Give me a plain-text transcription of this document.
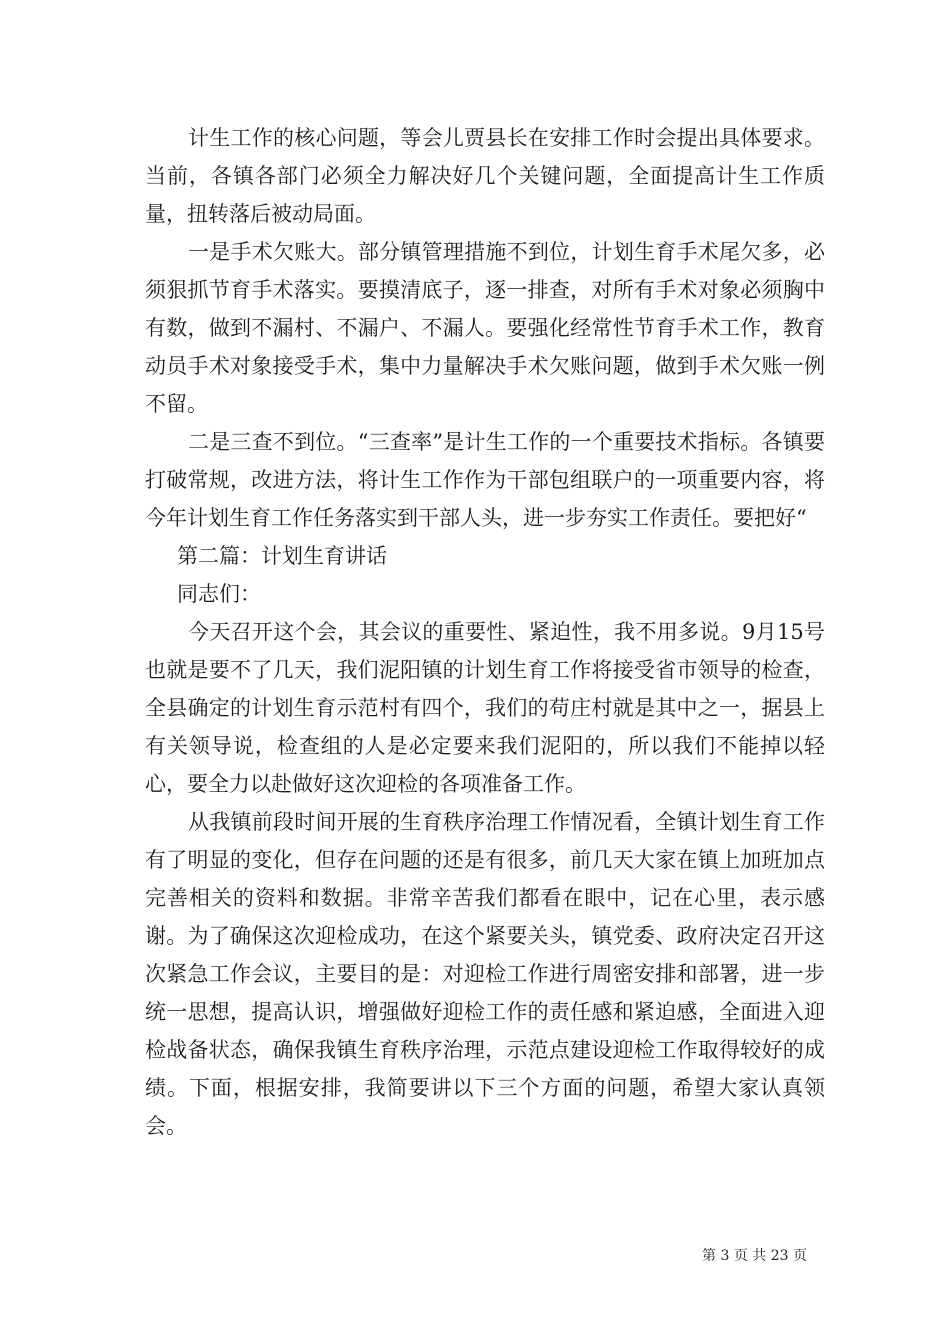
计生工作的核心问题，等会儿贾县长在安排工作时会提出具体要求。当前，各镇各部门必须全力解决好几个关键问题，全面提高计生工作质量，扭转落后被动局面。

一是手术欠账大。部分镇管理措施不到位，计划生育手术尾欠多，必须狠抓节育手术落实。要摸清底子，逐一排查，对所有手术对象必须胸中有数，做到不漏村、不漏户、不漏人。要强化经常性节育手术工作，教育动员手术对象接受手术，集中力量解决手术欠账问题，做到手术欠账一例不留。

二是三查不到位。“三查率”是计生工作的一个重要技术指标。各镇要打破常规，改进方法，将计生工作作为干部包组联户的一项重要内容，将今年计划生育工作任务落实到干部人头，进一步夯实工作责任。要把好“

第二篇：计划生育讲话

同志们：

今天召开这个会，其会议的重要性、紧迫性，我不用多说。9月15号也就是要不了几天，我们泥阳镇的计划生育工作将接受省市领导的检查，全县确定的计划生育示范村有四个，我们的苟庄村就是其中之一，据县上有关领导说，检查组的人是必定要来我们泥阳的，所以我们不能掉以轻心，要全力以赴做好这次迎检的各项准备工作。

从我镇前段时间开展的生育秩序治理工作情况看，全镇计划生育工作有了明显的变化，但存在问题的还是有很多，前几天大家在镇上加班加点完善相关的资料和数据。非常辛苦我们都看在眼中，记在心里，表示感谢。为了确保这次迎检成功，在这个紧要关头，镇党委、政府决定召开这次紧急工作会议，主要目的是：对迎检工作进行周密安排和部署，进一步统一思想，提高认识，增强做好迎检工作的责任感和紧迫感，全面进入迎检战备状态，确保我镇生育秩序治理，示范点建设迎检工作取得较好的成绩。下面，根据安排，我简要讲以下三个方面的问题，希望大家认真领会。

第 3 页 共 23 页
